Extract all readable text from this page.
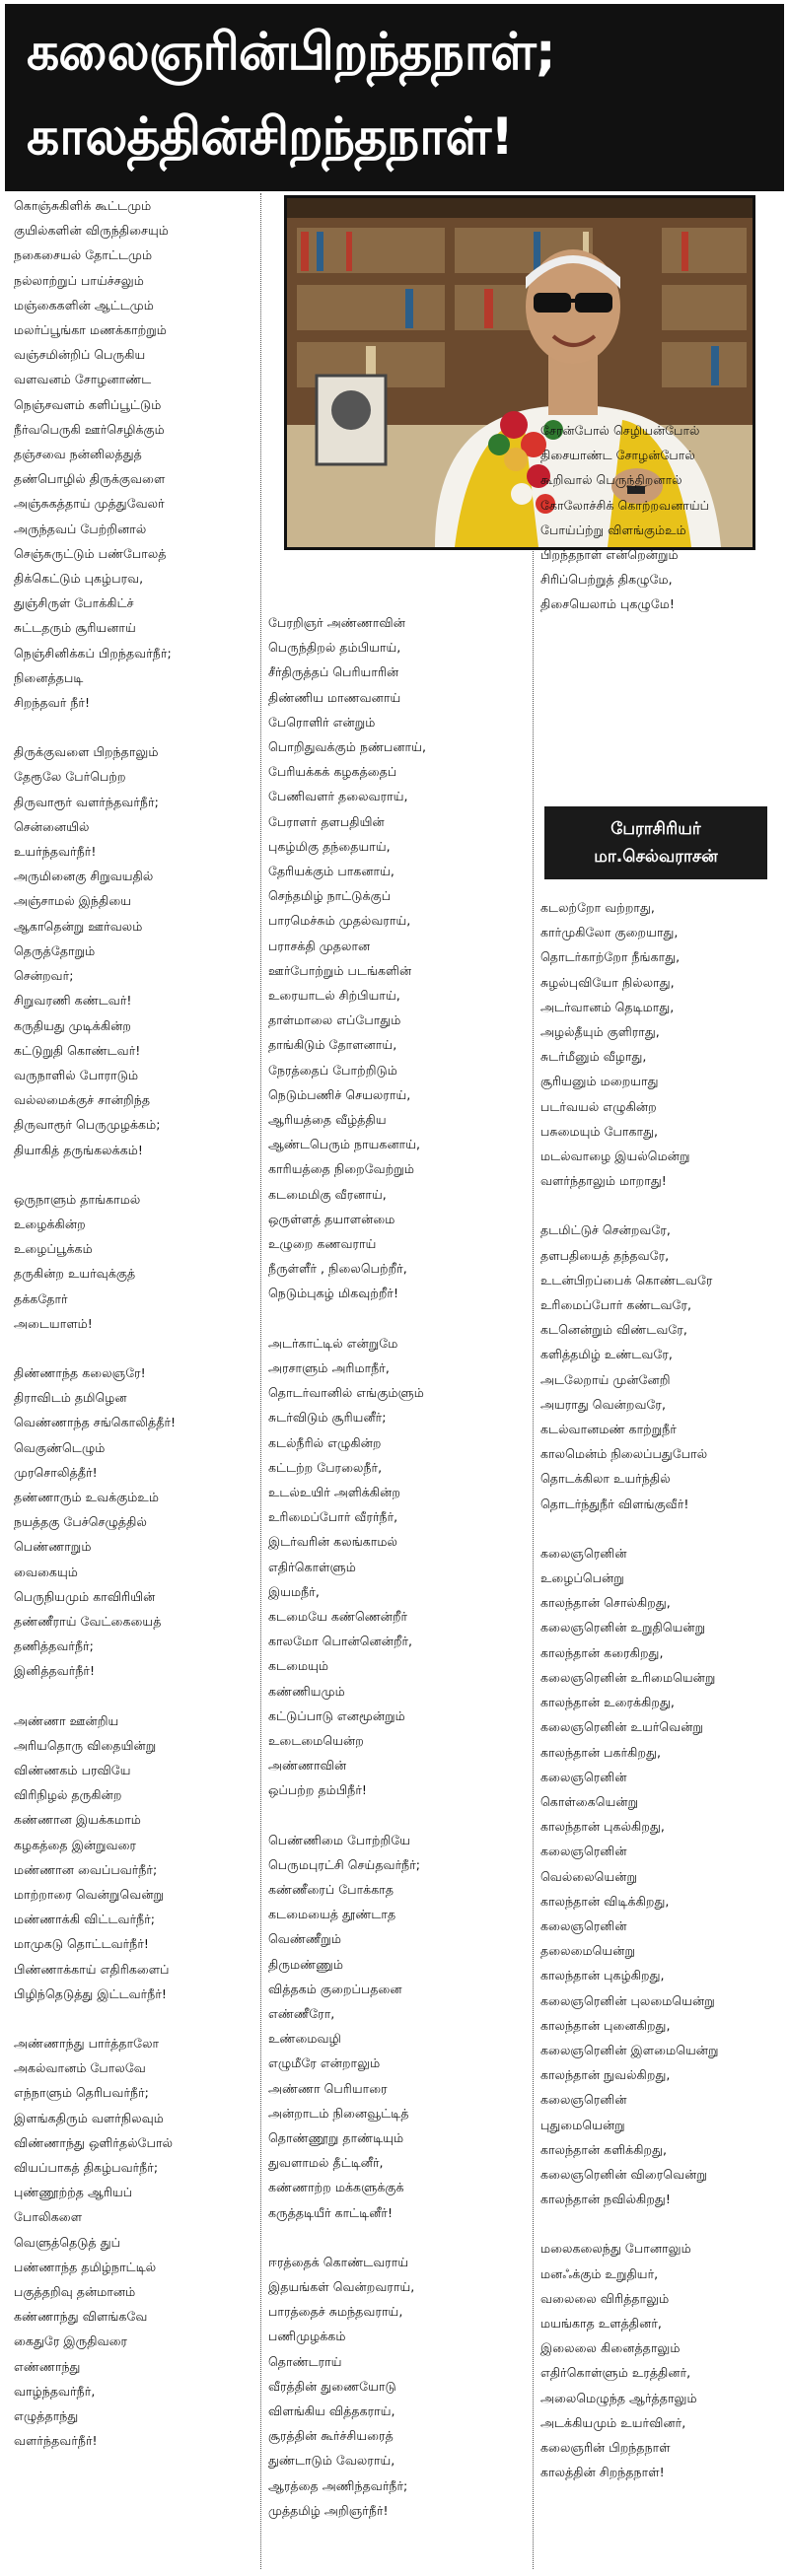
கலைஞரின்பிறந்தநாள்;
காலத்தின்சிறந்தநாள்!
கொஞ்சுகிளிக் கூட்டமும்
குயில்களின் விருந்திசையும்
நகைசையல் தோட்டமும்
நல்லாற்றுப் பாய்ச்சலும்
மஞ்கைகளின் ஆட்டமும்
மலர்ப்பூங்கா மணக்காற்றும்
வஞ்சமின்றிப் பெருகிய
வளவனம் சோழனாண்ட
நெஞ்சவளம் களிப்பூட்டும்
நீர்வபெருகி ஊர்செழிக்கும்
தஞ்சவை நன்னிலத்துத்
தண்பொழில் திருக்குவளை
அஞ்சுகத்தாய் முத்துவேலர்
அருந்தவப் பேற்றினால்
செஞ்சுருட்டும் பண்போலத்
திக்கெட்டும் புகழ்பரவ,
துஞ்சிருள் போக்கிட்ச்
சுட்டதரும் சூரியனாய்
நெஞ்சினிக்கப் பிறந்தவர்நீர்;
நினைத்தபடி
சிறந்தவர் நீர்!
திருக்குவளை பிறந்தாலும்
தேரூலே பேர்பெற்ற
திருவாரூர் வளர்ந்தவர்நீர்;
சென்னையில்
உயர்ந்தவர்நீர்!
அருமினைகு சிறுவயதில்
அஞ்சாமல் இந்தியை
ஆகாதென்று ஊர்வலம்
தெருத்தோறும்
சென்றவர்;
சிறுவரணி கண்டவர்!
கருதியது முடிக்கின்ற
கட்டுறுதி கொண்டவர்!
வருநாளில் போராடும்
வல்லமைக்குச் சான்றிந்த
திருவாரூர் பெருமுழக்கம்;
தியாகித் தருங்கலக்கம்!
ஒருநாளும் தாங்காமல்
உழைக்கின்ற
உழைப்பூக்கம்
தருகின்ற உயர்வுக்குத்
தக்கதோர்
அடையாளம்!
திண்ணாந்த கலைஞரே!
திராவிடம் தமிழென
வெண்ணாந்த சங்கொலித்தீர்!
வெகுண்டெழும்
முரசொலித்தீர்!
தண்ணாரும் உவக்கும்உம்
நயத்தகு பேச்செழுத்தில்
பெண்ணாறும்
வைகையும்
பெருநியமும் காவிரியின்
தண்ணீராய் வேட்கையைத்
தணித்தவர்நீர்;
இனித்தவர்நீர்!
அண்ணா ஊன்றிய
அரியதொரு விதையின்று
விண்ணகம் பரவியே
விரிநிழல் தருகின்ற
கண்ணான இயக்கமாம்
கழகத்தை இன்றுவரை
மண்ணான வைப்பவர்நீர்;
மாற்றாரை வென்றுவென்று
மண்ணாக்கி விட்டவர்நீர்;
மாமுகடு தொட்டவர்நீர்!
பிண்ணாக்காய் எதிரிகளைப்
பிழிந்தெடுத்து இட்டவர்நீர்!
அண்ணாந்து பார்த்தாலோ
அகல்வானம் போலவே
எந்நாளும் தெரிபவர்நீர்;
இளங்கதிரும் வளர்நிலவும்
விண்ணாந்து ஒளிர்தல்போல்
வியப்பாகத் திகழ்பவர்நீர்;
புண்ணூற்ற்த ஆரியப்
போலிகளை
வெளுத்தெடுத் துப்
பண்ணாந்த தமிழ்நாட்டில்
பகுத்தறிவு தன்மானம்
கண்ணாந்து விளங்கவே
கைதுரே இருதிவரை
எண்ணாந்து
வாழ்ந்தவர்நீர்,
எழுத்தாந்து
வளர்ந்தவர்நீர்!
பேரறிஞர் அண்ணாவின்
பெருந்திறல் தம்பியாய்,
சீர்திருத்தப் பெரியாரின்
திண்ணிய மாணவனாய்
பேரொளிர் என்றும்
பொறிதுவக்கும் நண்பனாய்,
பேரியக்கக் கழகத்தைப்
பேணிவளர் தலைவராய்,
பேராளர் தளபதியின்
புகழ்மிகு தந்தையாய்,
தேரியக்கும் பாகனாய்,
செந்தமிழ் நாட்டுக்குப்
பாரமெச்சும் முதல்வராய்,
பராசக்தி முதலான
ஊர்போற்றும் படங்களின்
உரையாடல் சிற்பியாய்,
தாள்மாலை எப்போதும்
தாங்கிடும் தோளனாய்,
நேரத்தைப் போற்றிடும்
நெடும்பணிச் செயலராய்,
ஆரியத்தை வீழ்த்திய
ஆண்டபெரும் நாயகனாய்,
காரியத்தை நிறைவேற்றும்
கடமைமிகு வீரனாய்,
ஒருள்ளத் தயாளன்மை
உழுறை கணவராய்
நீருள்ளீர் , நிலைபெற்றீர்,
நெடும்புகழ் மிகவுற்றீர்!
அடர்காட்டில் என்றுமே
அரசாளும் அரிமாநீர்,
தொடர்வானில் எங்கும்ளும்
சுடர்விடும் சூரியனீர்;
கடல்நீரில் எழுகின்ற
கட்டற்ற பேரலைநீர்,
உடல்உயிர் அளிக்கின்ற
உரிமைப்போர் வீரர்நீர்,
இடர்வரின் கலங்காமல்
எதிர்கொள்ளும்
இயமநீர்,
கடமையே கண்ணென்றீர்
காலமோ பொன்னென்றீர்,
கடமையும்
கண்ணியமும்
கட்டுப்பாடு எனமூன்றும்
உடைமையென்ற
அண்ணாவின்
ஒப்பற்ற தம்பிநீர்!
பெண்ணிமை போற்றியே
பெருமபுரட்சி செய்தவர்நீர்;
கண்ணீரைப் போக்காத
கடமையைத் தூண்டாத
வெண்ணீறும்
திருமண்ணும்
வித்தகம் குறைப்பதனை
எண்ணீரோ,
உண்மைவழி
எழுமீரே என்றாலும்
அண்ணா பெரியாரை
அன்றாடம் நினைவூட்டித்
தொண்ணூறு தாண்டியும்
துவளாமல் தீட்டினீர்,
கண்ணாற்ற மக்களுக்குக்
கருத்தடியீர் காட்டினீர்!
ஈரத்தைக் கொண்டவராய்
இதயங்கள் வென்றவராய்,
பாரத்தைச் சுமந்தவராய்,
பணிமுழக்கம்
தொண்டராய்
வீரத்தின் துணையோடு
விளங்கிய வித்தகராய்,
சூரத்தின் கூர்ச்சியரைத்
துண்டாடும் வேலராய்,
ஆரத்தை அணிந்தவர்நீர்;
முத்தமிழ் அறிஞர்நீர்!
சேரன்போல் செழியன்போல்
திசையாண்ட சோழன்போல்
கூறிவால் பெருந்திறனால்
கோலோச்சிக் கொற்றவனாய்ப்
போய்ப்ற்று விளங்கும்உம்
பிறந்தநாள் என்றென்றும்
சிரிப்பெற்றுத் திகழுமே,
திசையெலாம் புகழுமே!
பேராசிரியர்
மா.செல்வராசன்
கடலற்றோ வற்றாது,
கார்முகிலோ குறையாது,
தொடர்காற்றோ நீங்காது,
சுழல்புவியோ நில்லாது,
அடர்வானம் தெடிமாது,
அழல்தீயும் குளிராது,
சுடர்மீனும் வீழாது,
சூரியனும் மறையாது
படர்வயல் எழுகின்ற
பசுமையும் போகாது,
மடல்வாழை இயல்மென்று
வளர்ந்தாலும் மாறாது!
தடமிட்டுச் சென்றவரே,
தளபதியைத் தந்தவரே,
உடன்பிறப்பைக் கொண்டவரே
உரிமைப்போர் கண்டவரே,
கடனென்றும் விண்டவரே,
களித்தமிழ் உண்டவரே,
அடலேறாய் முன்னேறி
அயராது வென்றவரே,
கடல்வானமண் காற்றுநீர்
காலமென்ம் நிலைப்பதுபோல்
தொடக்கிலா உயர்ந்தில்
தொடர்ந்துநீர் விளங்குவீர்!
கலைஞரெனின்
உழைப்பென்று
காலந்தான் சொல்கிறது,
கலைஞரெனின் உறுதியென்று
காலந்தான் கரைகிறது,
கலைஞரெனின் உரிமையென்று
காலந்தான் உரைக்கிறது,
கலைஞரெனின் உயர்வென்று
காலந்தான் பகர்கிறது,
கலைஞரெனின்
கொள்கையென்று
காலந்தான் புகல்கிறது,
கலைஞரெனின்
வெல்லையென்று
காலந்தான் விடிக்கிறது,
கலைஞரெனின்
தலைமையென்று
காலந்தான் புகழ்கிறது,
கலைஞரெனின் புலமையென்று
காலந்தான் புனைகிறது,
கலைஞரெனின் இளமையென்று
காலந்தான் நுவல்கிறது,
கலைஞரெனின்
புதுமையென்று
காலந்தான் களிக்கிறது,
கலைஞரெனின் விரைவென்று
காலந்தான் நவில்கிறது!
மலைகலைந்து போனாலும்
மனஃக்கும் உறுதியர்,
வலைலை விரித்தாலும்
மயங்காத உளத்தினர்,
இலைலை கினைத்தாலும்
எதிர்கொள்ளும் உரத்தினர்,
அலைமெழுந்த ஆர்த்தாலும்
அடக்கியமும் உயர்வினர்,
கலைஞரின் பிறந்தநாள்
காலத்தின் சிறந்தநாள்!
